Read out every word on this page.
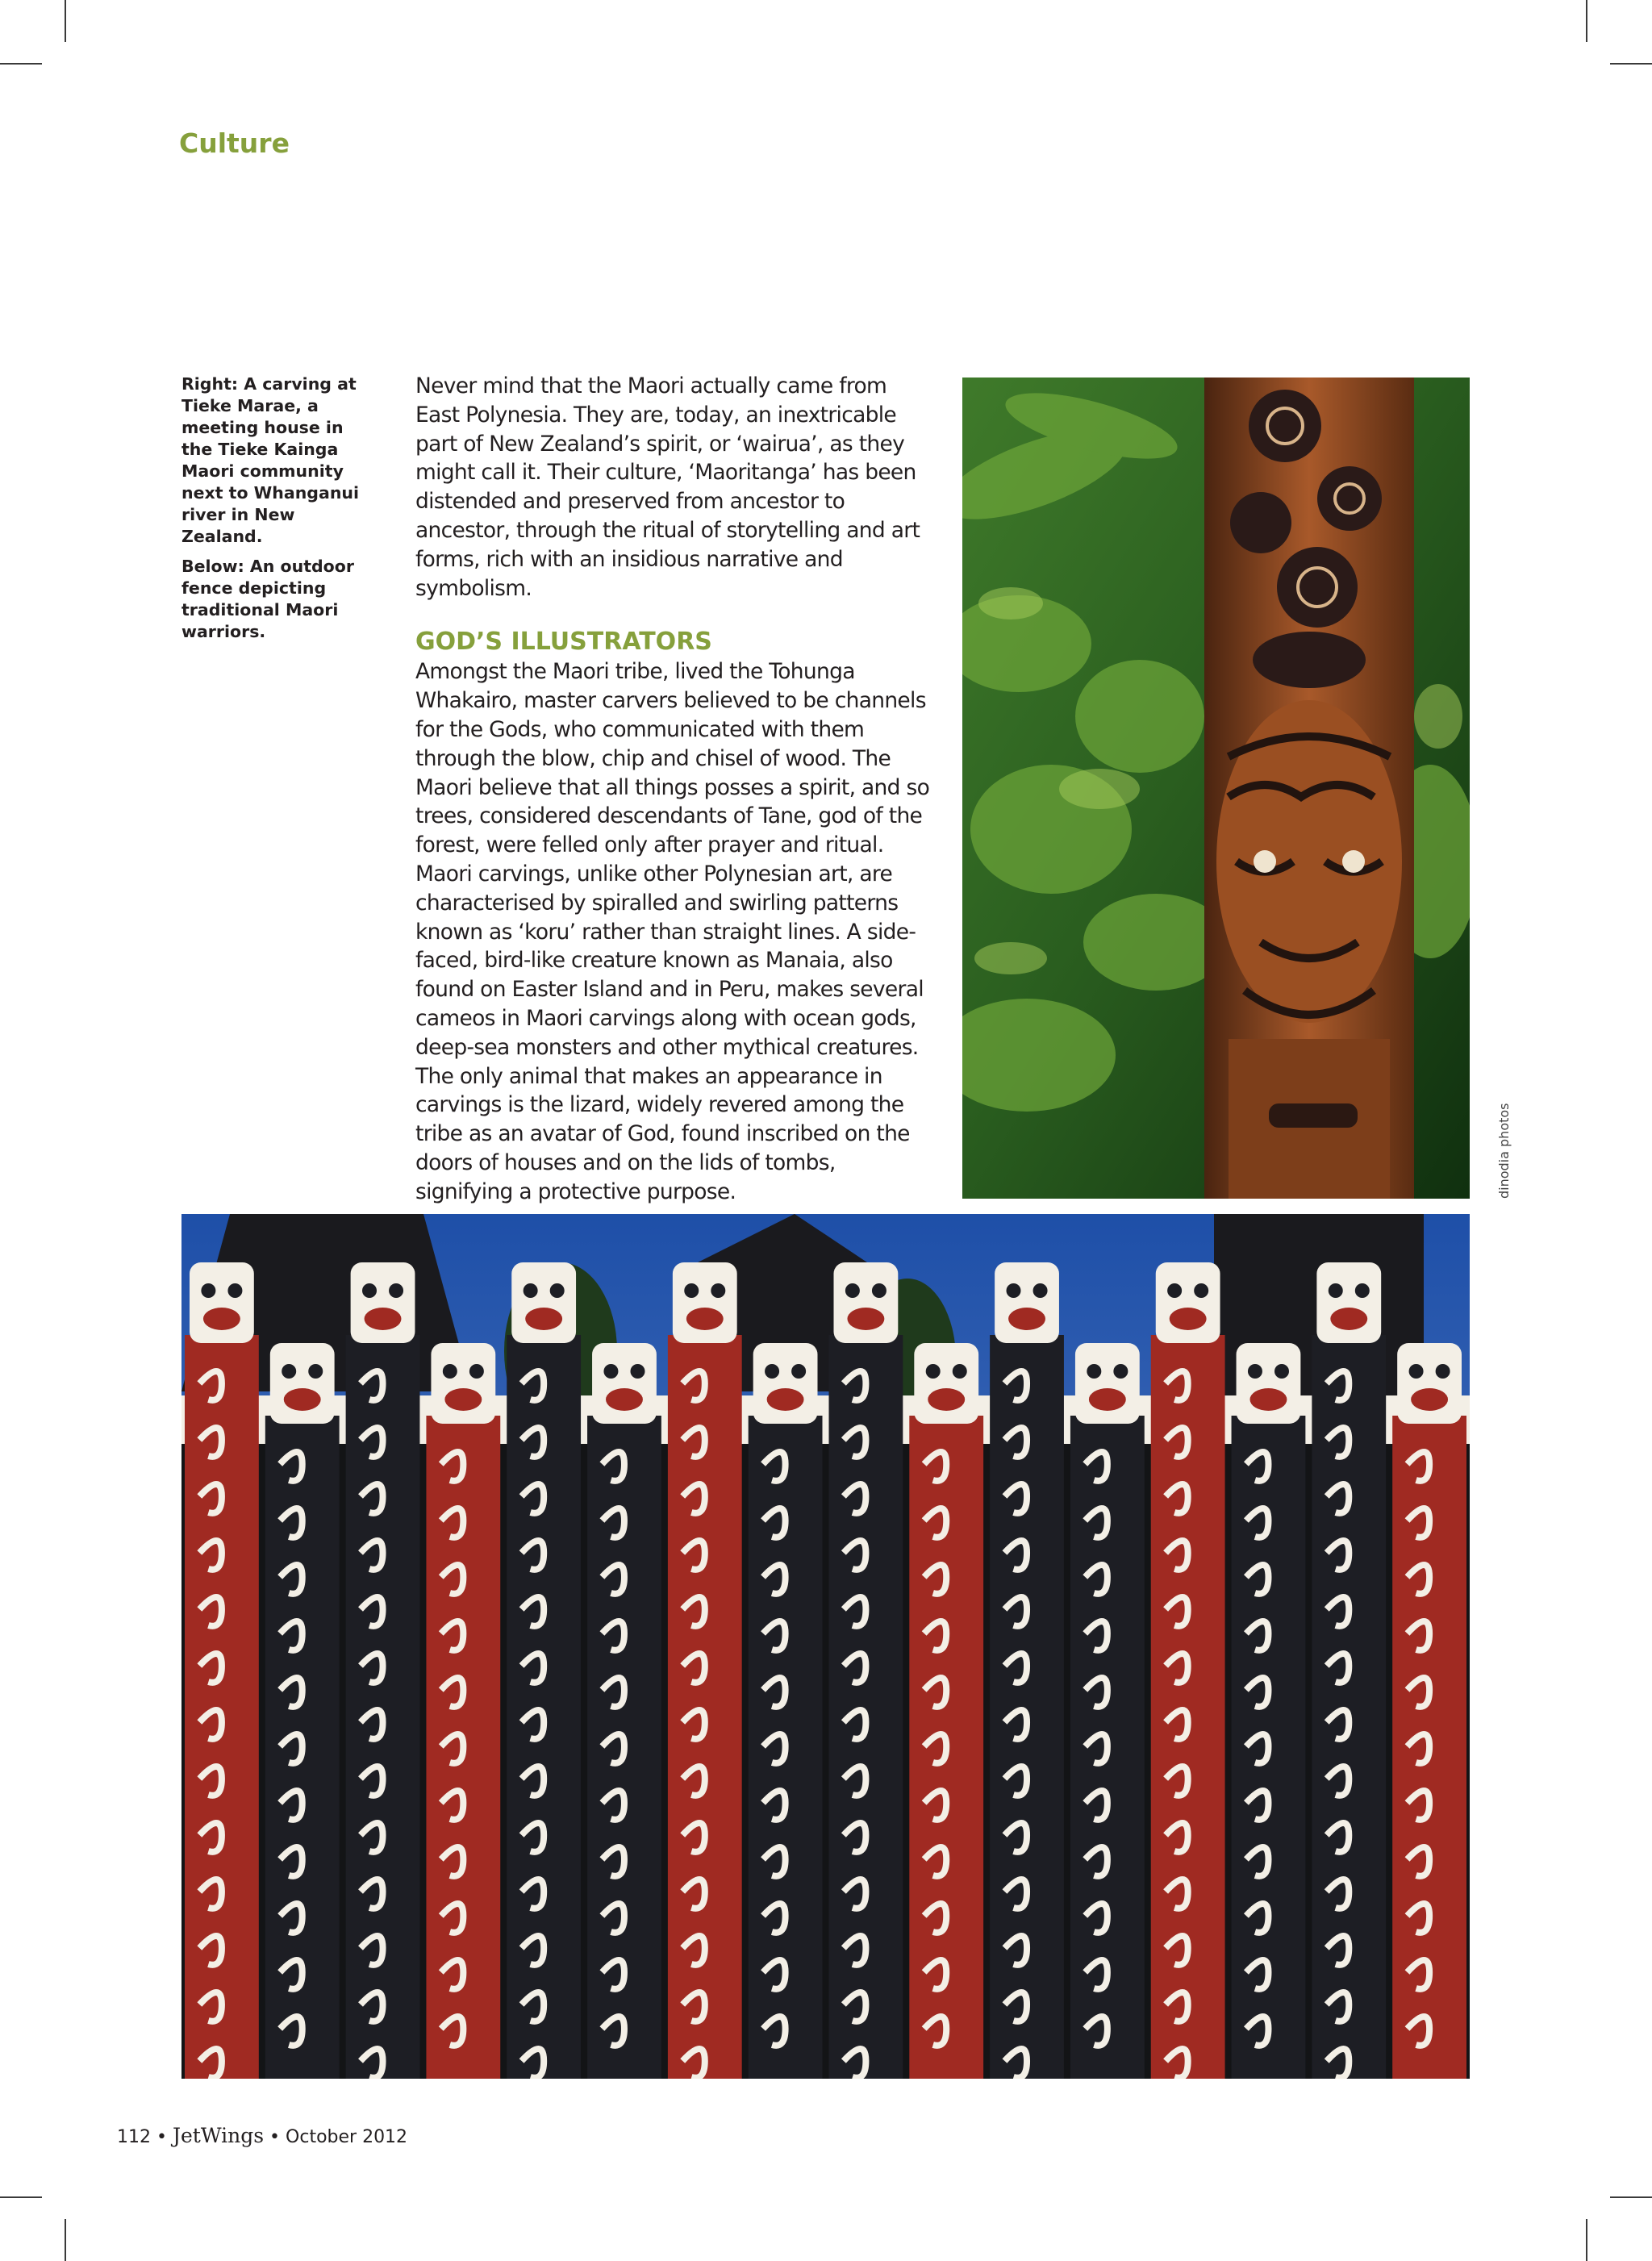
Culture

Right: A carving at Tieke Marae, a meeting house in the Tieke Kainga Maori community next to Whanganui river in New Zealand.

Below: An outdoor fence depicting traditional Maori warriors.

Never mind that the Maori actually came from East Polynesia. They are, today, an inextricable part of New Zealand’s spirit, or ‘wairua’, as they might call it. Their culture, ‘Maoritanga’ has been distended and preserved from ancestor to ancestor, through the ritual of storytelling and art forms, rich with an insidious narrative and symbolism.

GOD’S ILLUSTRATORS

Amongst the Maori tribe, lived the Tohunga Whakairo, master carvers believed to be channels for the Gods, who communicated with them through the blow, chip and chisel of wood. The Maori believe that all things posses a spirit, and so trees, considered descendants of Tane, god of the forest, were felled only after prayer and ritual. Maori carvings, unlike other Polynesian art, are characterised by spiralled and swirling patterns known as ‘koru’ rather than straight lines. A side-faced, bird-like creature known as Manaia, also found on Easter Island and in Peru, makes several cameos in Maori carvings along with ocean gods, deep-sea monsters and other mythical creatures. The only animal that makes an appearance in carvings is the lizard, widely revered among the tribe as an avatar of God, found inscribed on the doors of houses and on the lids of tombs, signifying a protective purpose.	dinodia photos
112 • JetWings • October 2012
